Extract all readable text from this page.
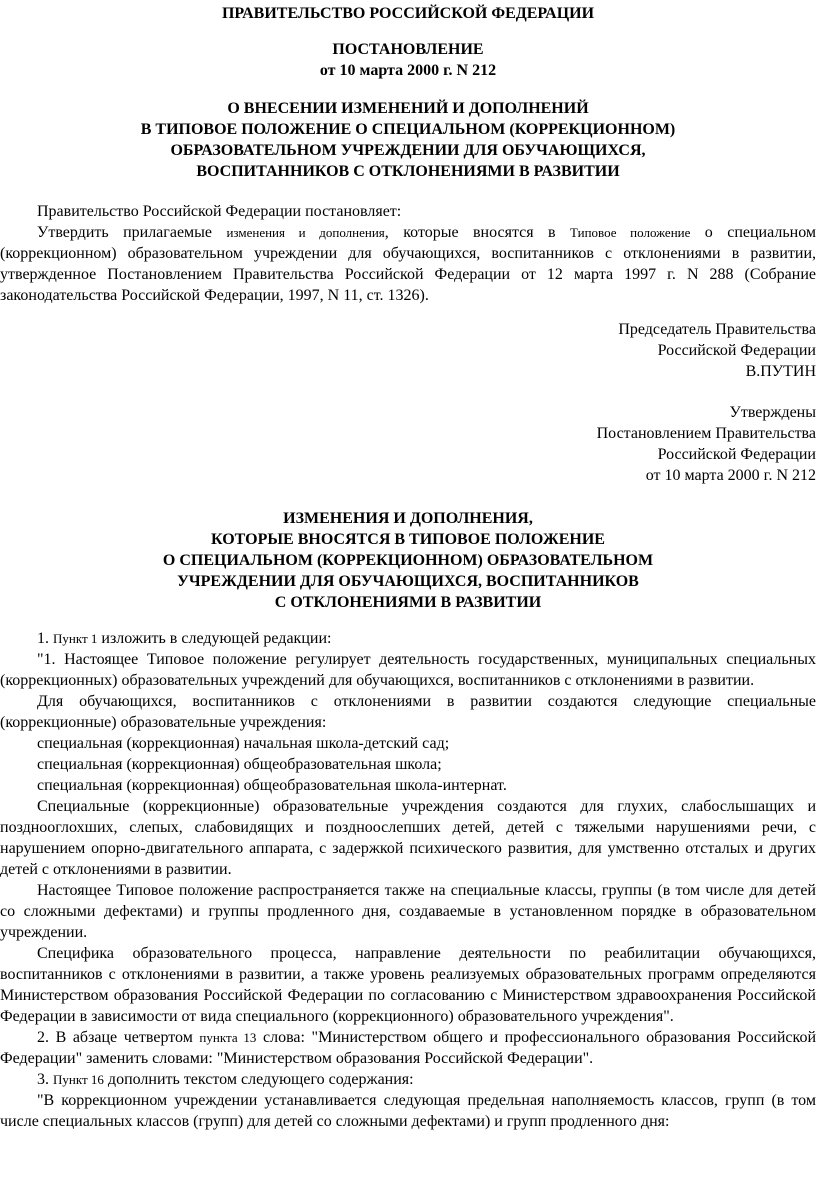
ПРАВИТЕЛЬСТВО РОССИЙСКОЙ ФЕДЕРАЦИИ

ПОСТАНОВЛЕНИЕ

от 10 марта 2000 г. N 212

О ВНЕСЕНИИ ИЗМЕНЕНИЙ И ДОПОЛНЕНИЙ

В ТИПОВОЕ ПОЛОЖЕНИЕ О СПЕЦИАЛЬНОМ (КОРРЕКЦИОННОМ)

ОБРАЗОВАТЕЛЬНОМ УЧРЕЖДЕНИИ ДЛЯ ОБУЧАЮЩИХСЯ,

ВОСПИТАННИКОВ С ОТКЛОНЕНИЯМИ В РАЗВИТИИ

Правительство Российской Федерации постановляет:

Утвердить прилагаемые изменения и дополнения, которые вносятся в Типовое положение о специальном (коррекционном) образовательном учреждении для обучающихся, воспитанников с отклонениями в развитии, утвержденное Постановлением Правительства Российской Федерации от 12 марта 1997 г. N 288 (Собрание законодательства Российской Федерации, 1997, N 11, ст. 1326).

Председатель Правительства

Российской Федерации

В.ПУТИН

Утверждены

Постановлением Правительства

Российской Федерации

от 10 марта 2000 г. N 212

ИЗМЕНЕНИЯ И ДОПОЛНЕНИЯ,

КОТОРЫЕ ВНОСЯТСЯ В ТИПОВОЕ ПОЛОЖЕНИЕ

О СПЕЦИАЛЬНОМ (КОРРЕКЦИОННОМ) ОБРАЗОВАТЕЛЬНОМ

УЧРЕЖДЕНИИ ДЛЯ ОБУЧАЮЩИХСЯ, ВОСПИТАННИКОВ

С ОТКЛОНЕНИЯМИ В РАЗВИТИИ

1. Пункт 1 изложить в следующей редакции:

"1. Настоящее Типовое положение регулирует деятельность государственных, муниципальных специальных (коррекционных) образовательных учреждений для обучающихся, воспитанников с отклонениями в развитии.

Для обучающихся, воспитанников с отклонениями в развитии создаются следующие специальные (коррекционные) образовательные учреждения:

специальная (коррекционная) начальная школа-детский сад;

специальная (коррекционная) общеобразовательная школа;

специальная (коррекционная) общеобразовательная школа-интернат.

Специальные (коррекционные) образовательные учреждения создаются для глухих, слабослышащих и позднооглохших, слепых, слабовидящих и поздноослепших детей, детей с тяжелыми нарушениями речи, с нарушением опорно-двигательного аппарата, с задержкой психического развития, для умственно отсталых и других детей с отклонениями в развитии.

Настоящее Типовое положение распространяется также на специальные классы, группы (в том числе для детей со сложными дефектами) и группы продленного дня, создаваемые в установленном порядке в образовательном учреждении.

Специфика образовательного процесса, направление деятельности по реабилитации обучающихся, воспитанников с отклонениями в развитии, а также уровень реализуемых образовательных программ определяются Министерством образования Российской Федерации по согласованию с Министерством здравоохранения Российской Федерации в зависимости от вида специального (коррекционного) образовательного учреждения".

2. В абзаце четвертом пункта 13 слова: "Министерством общего и профессионального образования Российской Федерации" заменить словами: "Министерством образования Российской Федерации".

3. Пункт 16 дополнить текстом следующего содержания:

"В коррекционном учреждении устанавливается следующая предельная наполняемость классов, групп (в том числе специальных классов (групп) для детей со сложными дефектами) и групп продленного дня:
